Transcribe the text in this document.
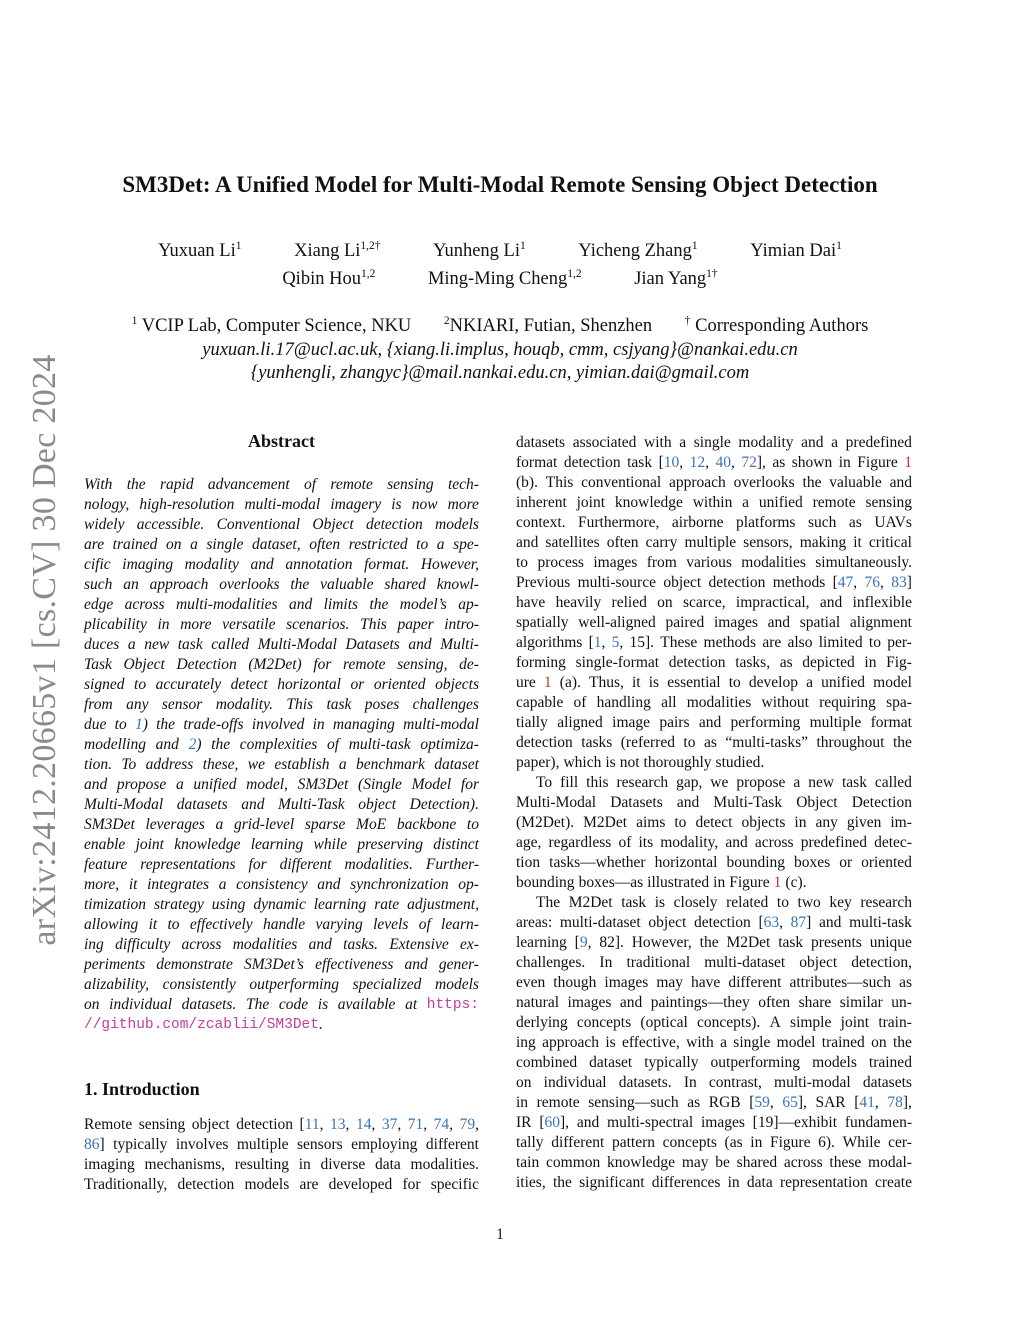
arXiv:2412.20665v1 [cs.CV] 30 Dec 2024
SM3Det: A Unified Model for Multi-Modal Remote Sensing Object Detection
Yuxuan Li$^1$	Xiang $Li^{1,2\dagger}$	Yunheng Li$^1$	Yicheng Zhang$^1$	Yimian Dai$^1$
Qibin Hou$^{1,2}$	Ming-Ming Cheng$^{1,2}$	Jian Yang$^{1\dagger}$
$^1$ VCIP Lab, Computer Science, NKU	$^2$NKIARI, Futian, Shenzhen	† Corresponding Authors
yuxuan.li.17@ucl.ac.uk, {xiang.li.implus, houqb, cmm, csjyang}@nankai.edu.cn
{yunhengli, zhangyc}@mail.nankai.edu.cn, yimian.dai@gmail.com
Abstract
With the rapid advancement of remote sensing tech-
nology, high-resolution multi-modal imagery is now more
widely accessible. Conventional Object detection models
are trained on a single dataset, often restricted to a spe-
cific imaging modality and annotation format. However,
such an approach overlooks the valuable shared knowl-
edge across multi-modalities and limits the model’s ap-
plicability in more versatile scenarios. This paper intro-
duces a new task called Multi-Modal Datasets and Multi-
Task Object Detection (M2Det) for remote sensing, de-
signed to accurately detect horizontal or oriented objects
from any sensor modality. This task poses challenges
due to 1) the trade-offs involved in managing multi-modal
modelling and 2) the complexities of multi-task optimiza-
tion. To address these, we establish a benchmark dataset
and propose a unified model, SM3Det (Single Model for
Multi-Modal datasets and Multi-Task object Detection).
SM3Det leverages a grid-level sparse MoE backbone to
enable joint knowledge learning while preserving distinct
feature representations for different modalities. Further-
more, it integrates a consistency and synchronization op-
timization strategy using dynamic learning rate adjustment,
allowing it to effectively handle varying levels of learn-
ing difficulty across modalities and tasks. Extensive ex-
periments demonstrate SM3Det’s effectiveness and gener-
alizability, consistently outperforming specialized models
on individual datasets. The code is available at https:
//github.com/zcablii/SM3Det .
1. Introduction
Remote sensing object detection [11, 13, 14, 37, 71, 74, 79,
86] typically involves multiple sensors employing different
imaging mechanisms, resulting in diverse data modalities.
Traditionally, detection models are developed for specific
datasets associated with a single modality and a predefined
format detection task [10, 12, 40, 72], as shown in Figure 1
(b). This conventional approach overlooks the valuable and
inherent joint knowledge within a unified remote sensing
context. Furthermore, airborne platforms such as UAVs
and satellites often carry multiple sensors, making it critical
to process images from various modalities simultaneously.
Previous multi-source object detection methods [47, 76, 83]
have heavily relied on scarce, impractical, and inflexible
spatially well-aligned paired images and spatial alignment
algorithms [1, 5, 15]. These methods are also limited to per-
forming single-format detection tasks, as depicted in Fig-
ure 1 (a). Thus, it is essential to develop a unified model
capable of handling all modalities without requiring spa-
tially aligned image pairs and performing multiple format
detection tasks (referred to as “multi-tasks” throughout the
paper), which is not thoroughly studied.
To fill this research gap, we propose a new task called
Multi-Modal Datasets and Multi-Task Object Detection
(M2Det). M2Det aims to detect objects in any given im-
age, regardless of its modality, and across predefined detec-
tion tasks—whether horizontal bounding boxes or oriented
bounding boxes—as illustrated in Figure 1 (c).
The M2Det task is closely related to two key research
areas: multi-dataset object detection [63, 87] and multi-task
learning [9, 82]. However, the M2Det task presents unique
challenges. In traditional multi-dataset object detection,
even though images may have different attributes—such as
natural images and paintings—they often share similar un-
derlying concepts (optical concepts). A simple joint train-
ing approach is effective, with a single model trained on the
combined dataset typically outperforming models trained
on individual datasets. In contrast, multi-modal datasets
in remote sensing—such as RGB [59, 65], SAR [41, 78],
IR [60], and multi-spectral images [19]—exhibit fundamen-
tally different pattern concepts (as in Figure 6). While cer-
tain common knowledge may be shared across these modal-
ities, the significant differences in data representation create
1
